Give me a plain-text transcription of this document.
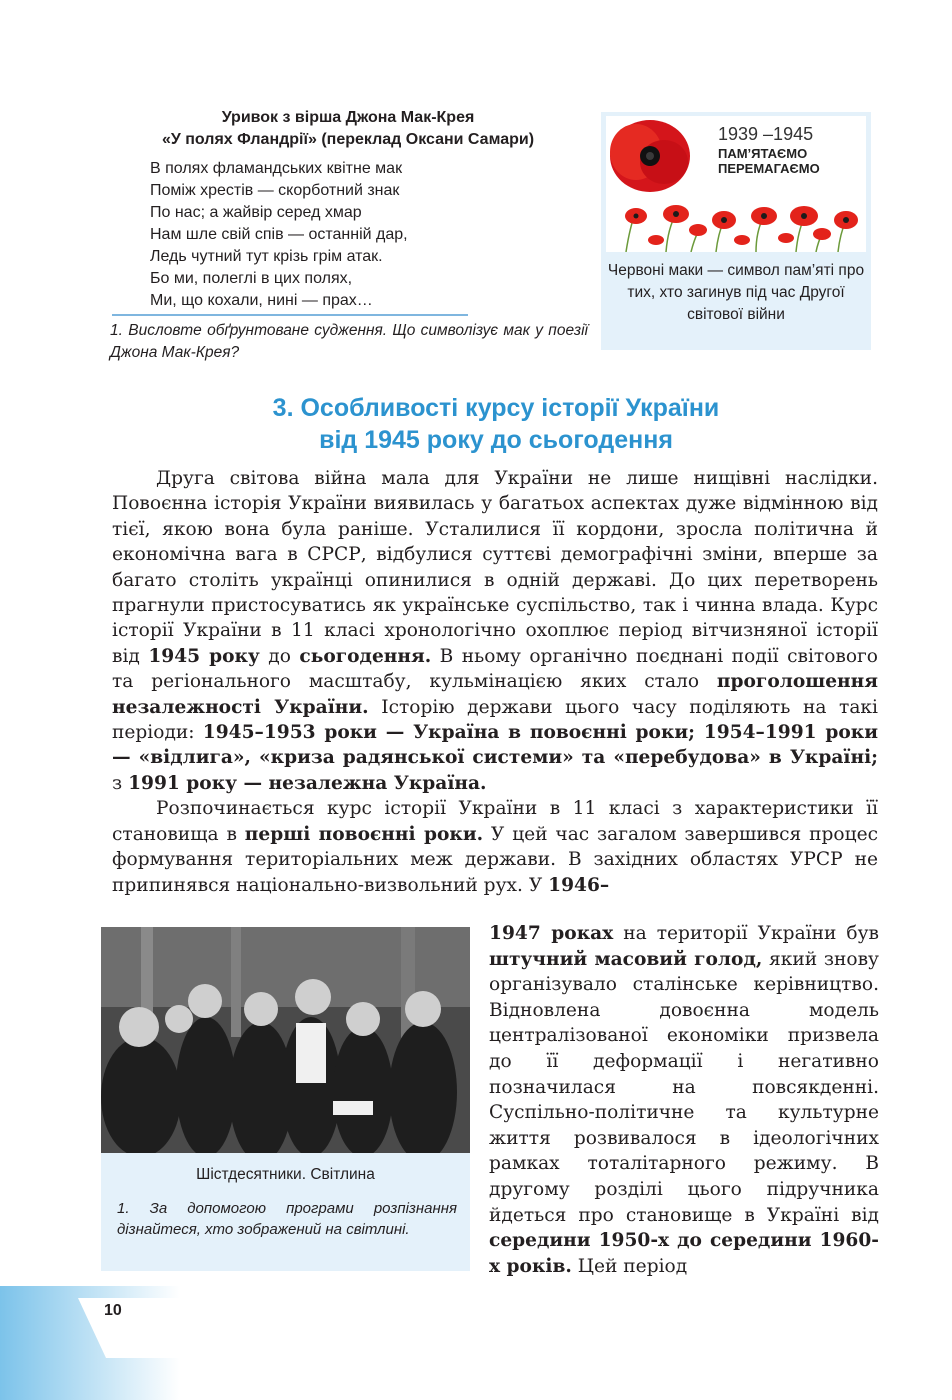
Уривок з вірша Джона Мак-Крея
«У полях Фландрії» (переклад Оксани Самари)
В полях фламандських квітне мак
Поміж хрестів — скорботний знак
По нас; а жайвір серед хмар
Нам шле свій спів — останній дар,
Ледь чутний тут крізь грім атак.
Бо ми, полеглі в цих полях,
Ми, що кохали, нині — прах…
1. Висловте обґрунтоване судження. Що символізує мак у поезії Джона Мак-Крея?
1939 –1945
ПАМ’ЯТАЄМО
ПЕРЕМАГАЄМО
Червоні маки — символ пам’яті про тих, хто загинув під час Другої світової війни
3. Особливості курсу історії України
від 1945 року до сьогодення

Друга світова війна мала для України не лише нищівні наслідки. Повоєнна історія України виявилась у багатьох аспектах дуже відмінною від тієї, якою вона була раніше. Усталилися її кордони, зросла політична й економічна вага в СРСР, відбулися суттєві демографічні зміни, вперше за багато століть українці опинилися в одній державі. До цих перетворень прагнули пристосуватись як українське суспільство, так і чинна влада. Курс історії України в 11 класі хронологічно охоплює період вітчизняної історії від 1945 року до сьогодення. В ньому органічно поєднані події світового та регіонального масштабу, кульмінацією яких стало проголошення незалежності України. Історію держави цього часу поділяють на такі періоди: 1945–1953 роки — Україна в повоєнні роки; 1954–1991 роки — «відлига», «криза радянської системи» та «перебудова» в Україні; з 1991 року — незалежна Україна.

Розпочинається курс історії України в 11 класі з характеристики її становища в перші повоєнні роки. У цей час загалом завершився процес формування територіальних меж держави. В західних областях УРСР не припинявся національно-визвольний рух. У 1946–

1947 роках на території України був штучний масовий голод, який знову організувало сталінське керівництво. Відновлена довоєнна модель централізованої економіки призвела до її деформації і негативно позначилася на повсякденні. Суспільно-політичне та культурне життя розвивалося в ідеологічних рамках тоталітарного режиму. В другому розділі цього підручника йдеться про становище в Україні від середини 1950-х до середини 1960-х років. Цей період

Шістдесятники. Світлина
1. За допомогою програми розпізнання дізнайтеся, хто зображений на світлині.
10
